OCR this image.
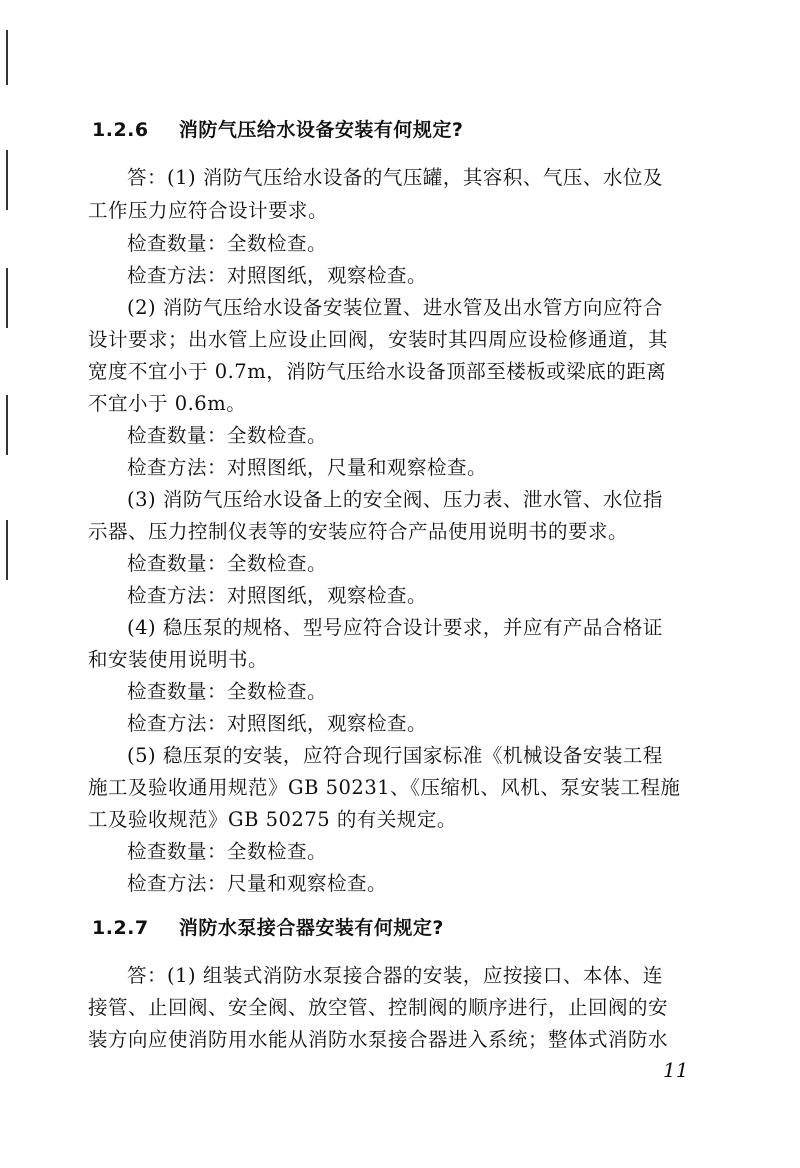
1.2.6 消防气压给水设备安装有何规定?
答：(1) 消防气压给水设备的气压罐，其容积、气压、水位及
工作压力应符合设计要求。
检查数量：全数检查。
检查方法：对照图纸，观察检查。
(2) 消防气压给水设备安装位置、进水管及出水管方向应符合
设计要求；出水管上应设止回阀，安装时其四周应设检修通道，其
宽度不宜小于 0.7m，消防气压给水设备顶部至楼板或梁底的距离
不宜小于 0.6m。
检查数量：全数检查。
检查方法：对照图纸，尺量和观察检查。
(3) 消防气压给水设备上的安全阀、压力表、泄水管、水位指
示器、压力控制仪表等的安装应符合产品使用说明书的要求。
检查数量：全数检查。
检查方法：对照图纸，观察检查。
(4) 稳压泵的规格、型号应符合设计要求，并应有产品合格证
和安装使用说明书。
检查数量：全数检查。
检查方法：对照图纸，观察检查。
(5) 稳压泵的安装，应符合现行国家标准《机械设备安装工程
施工及验收通用规范》GB 50231、《压缩机、风机、泵安装工程施
工及验收规范》GB 50275 的有关规定。
检查数量：全数检查。
检查方法：尺量和观察检查。
1.2.7 消防水泵接合器安装有何规定?
答：(1) 组装式消防水泵接合器的安装，应按接口、本体、连
接管、止回阀、安全阀、放空管、控制阀的顺序进行，止回阀的安
装方向应使消防用水能从消防水泵接合器进入系统；整体式消防水
11
